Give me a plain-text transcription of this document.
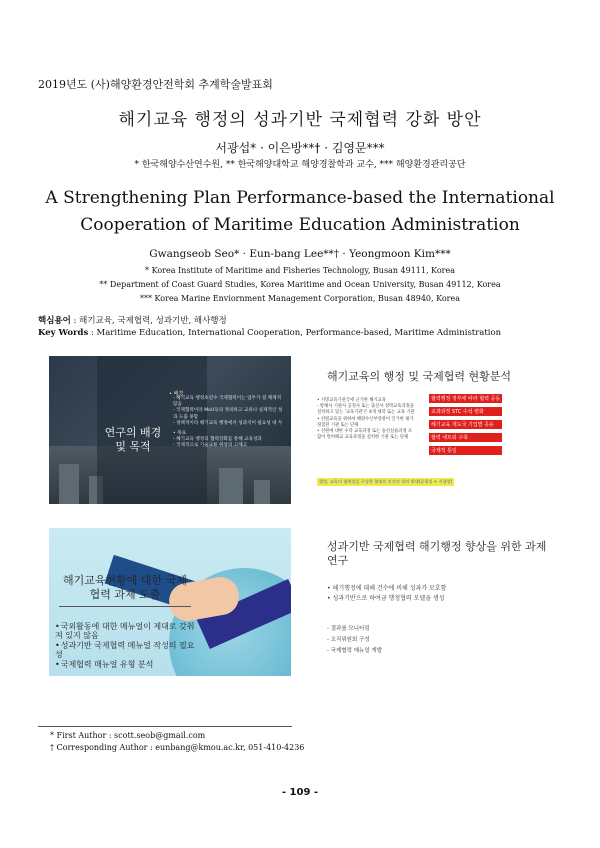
2019년도 (사)해양환경안전학회 추계학술발표회
해기교육 행정의 성과기반 국제협력 강화 방안
서광섭* · 이은방**† · 김영문***
* 한국해양수산연수원, ** 한국해양대학교 해양경찰학과 교수, *** 해양환경관리공단
A Strengthening Plan Performance-based the International Cooperation of Maritime Education Administration
Gwangseob Seo* · Eun-bang Lee**† · Yeongmoon Kim***
* Korea Institute of Maritime and Fisheries Technology, Busan 49111, Korea
** Department of Coast Guard Studies, Korea Maritime and Ocean University, Busan 49112, Korea
*** Korea Marine Enviornment Management Corporation, Busan 48940, Korea
핵심용어 : 해기교육, 국제협력, 성과기반, 해사행정
Key Words : Maritime Education, International Cooperation, Performance-based, Maritime Administration
연구의 배경 및 목적
• 배경
- 해기교육 행정초연수 국제협력이는 업무가 점 체계적 않음
- 국제협력이라 MoU등의 정의하고 교류나 실제적인 성 과 도출 못함
- 정책적이라 해기교육 행정에서 성과지이 필요성 대 두
• 목표
- 해기교육 행정의 협력강화를 통해 교육성과
- 국제적으로 기술교류 위상의 고제고
해기교육의 행정 및 국제협력 현황분석
• 지방교육기관국에 근거한 해기교육
- 항해사 기관사 공정사 또는 출신사 정박교육과정을 설치하고 있는 '교육기관'은 4개 대학 또는 교육 기관
• 선원교육을 위하여 해양수산부장관이 인가한 평가 경험된 기관 또는 단체
• 선원에 대한 수학 교육과정 또는 승선실습과정 포 함이 면허해교 교육과정을 설치한 기관 또는 단체
협력행정 정부에 따라 협력 공동
교과과정 STC 수석 변화
해기교육 개도국 기업별 공유
협력 네트워 구축
국제적 통일
행정, 교육의 협력성을 구성한 협정의 인간의 학의 방대(공평성 + 시행성)
해기교육현황에 대한 국제협력 과제 도출
• 국외활동에 대한 메뉴얼이 제대로 갖춰져 있지 않음
• 성과기반 국제협력 메뉴얼 작성의 필요성
• 국제협력 매뉴얼 유형 분석
성과기반 국제협력 해기행정 향상을 위한 과제 연구
• 해기행정에 대해 건수에 비해 성과가 모호함
• 성과기반으로 하여금 행정협력 모델을 생성
- 결과를 모니터링
- 조직위원회 구성
- 국제협력 매뉴얼 개발
* First Author : scott.seob@gmail.com
† Corresponding Author : eunbang@kmou.ac.kr, 051-410-4236
- 109 -
